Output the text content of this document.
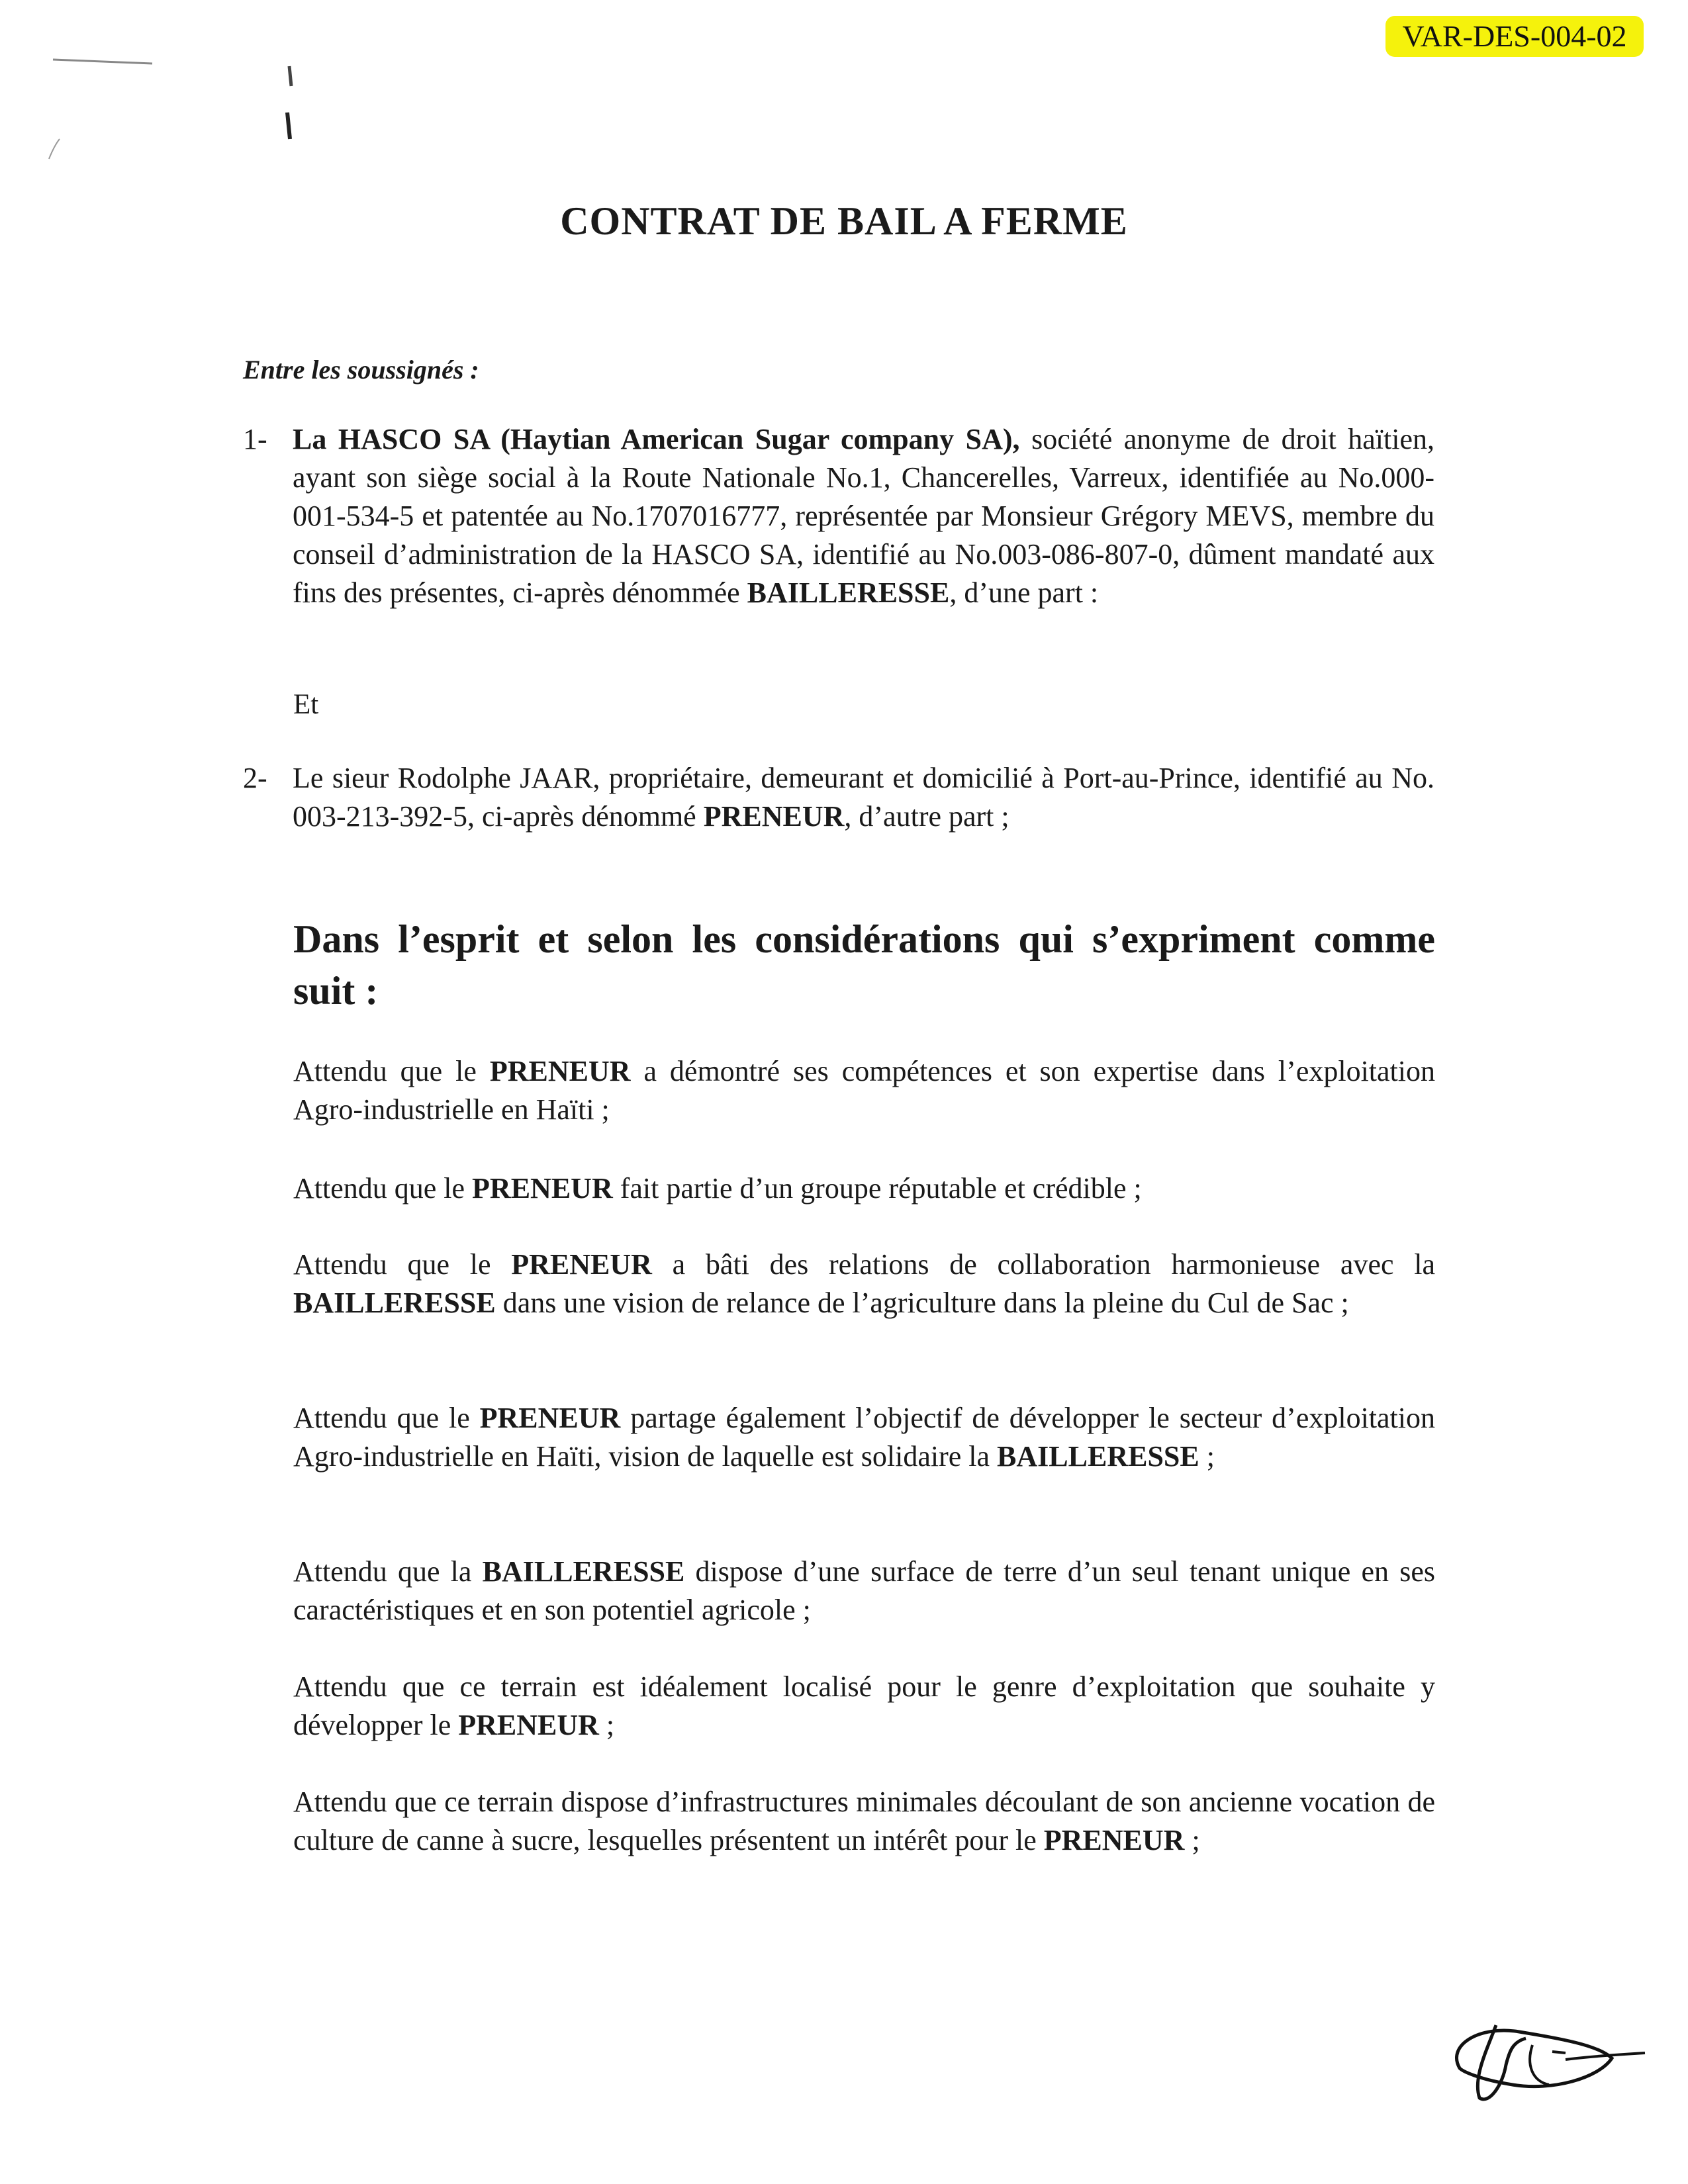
VAR-DES-004-02
CONTRAT DE BAIL A FERME
Entre les soussignés :
1- La HASCO SA (Haytian American Sugar company SA), société anonyme de droit haïtien, ayant son siège social à la Route Nationale No.1, Chancerelles, Varreux, identifiée au No.000-001-534-5 et patentée au No.1707016777, représentée par Monsieur Grégory MEVS, membre du conseil d’administration de la HASCO SA, identifié au No.003-086-807-0, dûment mandaté aux fins des présentes, ci-après dénommée BAILLERESSE, d’une part :
Et
2- Le sieur Rodolphe JAAR, propriétaire, demeurant et domicilié à Port-au-Prince, identifié au No. 003-213-392-5, ci-après dénommé PRENEUR, d’autre part ;
Dans l’esprit et selon les considérations qui s’expriment comme suit :
Attendu que le PRENEUR a démontré ses compétences et son expertise dans l’exploitation Agro-industrielle en Haïti ;
Attendu que le PRENEUR fait partie d’un groupe réputable et crédible ;
Attendu que le PRENEUR a bâti des relations de collaboration harmonieuse avec la BAILLERESSE dans une vision de relance de l’agriculture dans la pleine du Cul de Sac ;
Attendu que le PRENEUR partage également l’objectif de développer le secteur d’exploitation Agro-industrielle en Haïti, vision de laquelle est solidaire la BAILLERESSE ;
Attendu que la BAILLERESSE dispose d’une surface de terre d’un seul tenant unique en ses caractéristiques et en son potentiel agricole ;
Attendu que ce terrain est idéalement localisé pour le genre d’exploitation que souhaite y développer le PRENEUR ;
Attendu que ce terrain dispose d’infrastructures minimales découlant de son ancienne vocation de culture de canne à sucre, lesquelles présentent un intérêt pour le PRENEUR ;
